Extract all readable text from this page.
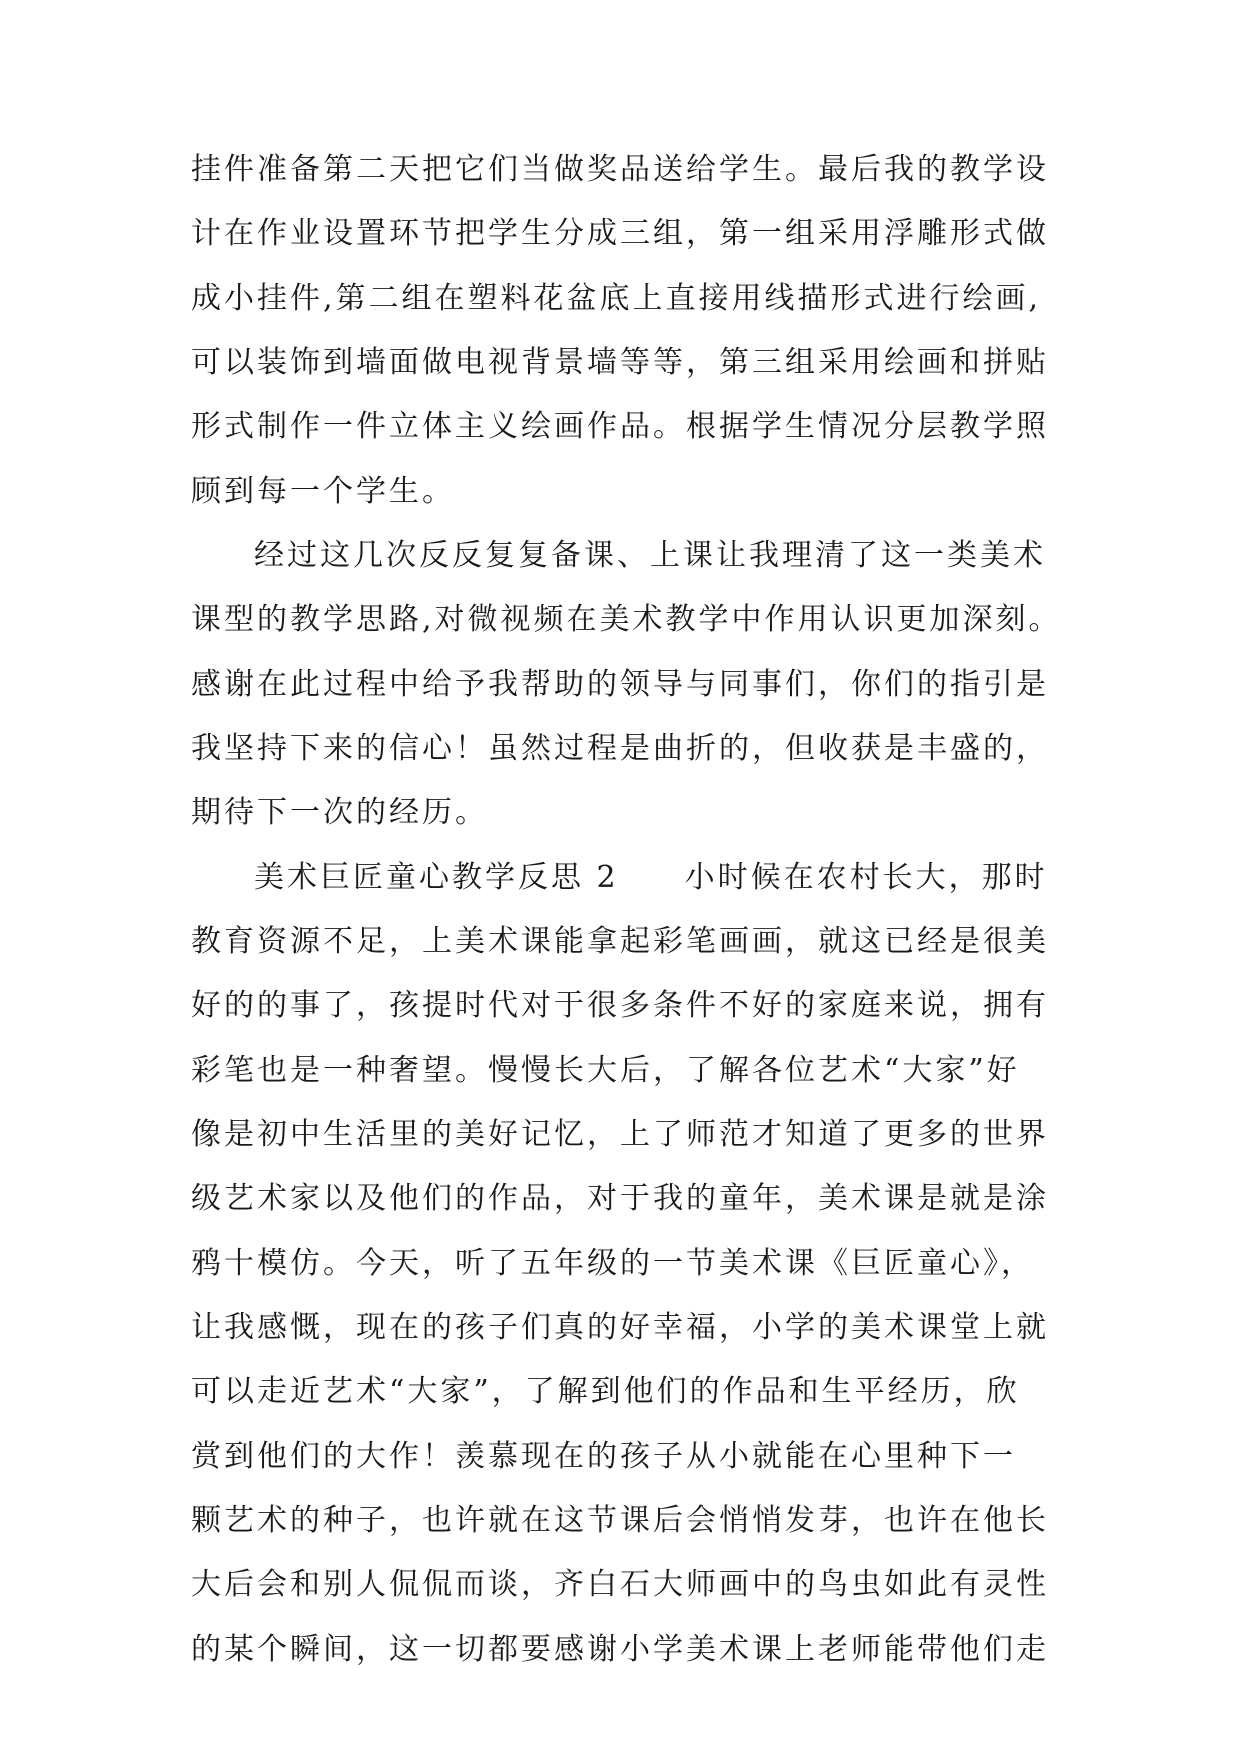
挂件准备第二天把它们当做奖品送给学生。最后我的教学设
计在作业设置环节把学生分成三组，第一组采用浮雕形式做
成小挂件,第二组在塑料花盆底上直接用线描形式进行绘画,
可以装饰到墙面做电视背景墙等等，第三组采用绘画和拼贴
形式制作一件立体主义绘画作品。根据学生情况分层教学照
顾到每一个学生。
经过这几次反反复复备课、上课让我理清了这一类美术
课型的教学思路,对微视频在美术教学中作用认识更加深刻。
感谢在此过程中给予我帮助的领导与同事们，你们的指引是
我坚持下来的信心！虽然过程是曲折的，但收获是丰盛的，
期待下一次的经历。
美术巨匠童心教学反思 2　　小时候在农村长大，那时
教育资源不足，上美术课能拿起彩笔画画，就这已经是很美
好的的事了，孩提时代对于很多条件不好的家庭来说，拥有
彩笔也是一种奢望。慢慢长大后，了解各位艺术“大家”好
像是初中生活里的美好记忆，上了师范才知道了更多的世界
级艺术家以及他们的作品，对于我的童年，美术课是就是涂
鸦十模仿。今天，听了五年级的一节美术课《巨匠童心》，
让我感慨，现在的孩子们真的好幸福，小学的美术课堂上就
可以走近艺术“大家”，了解到他们的作品和生平经历，欣
赏到他们的大作！羡慕现在的孩子从小就能在心里种下一
颗艺术的种子，也许就在这节课后会悄悄发芽，也许在他长
大后会和别人侃侃而谈，齐白石大师画中的鸟虫如此有灵性
的某个瞬间，这一切都要感谢小学美术课上老师能带他们走
